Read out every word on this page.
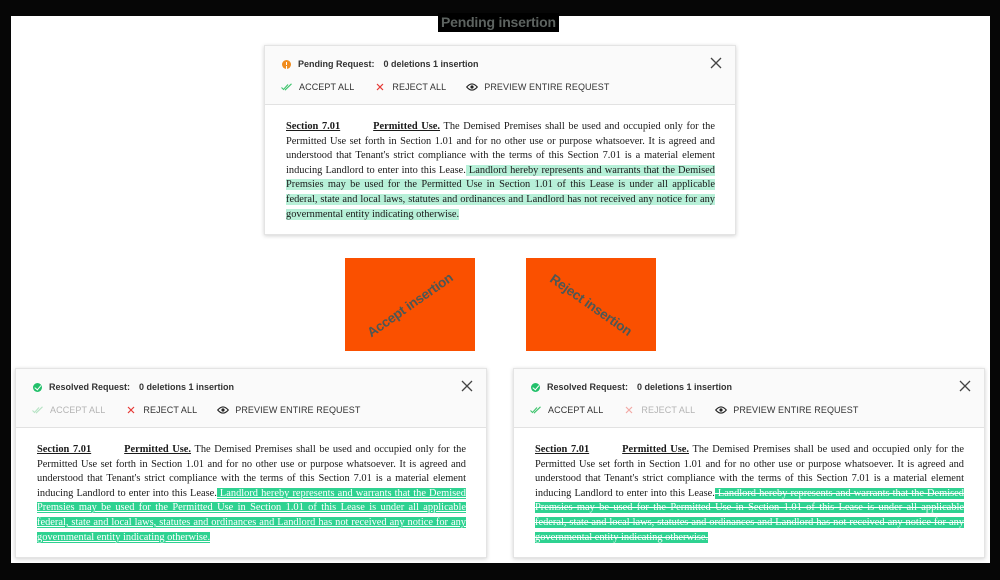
Pending insertion
Pending Request: 0 deletions 1 insertion
ACCEPT ALL	REJECT ALL	PREVIEW ENTIRE REQUEST
Section 7.01	Permitted Use. The Demised Premises shall be used and occupied only for the Permitted Use set forth in Section 1.01 and for no other use or purpose whatsoever. It is agreed and understood that Tenant's strict compliance with the terms of this Section 7.01 is a material element inducing Landlord to enter into this Lease. Landlord hereby represents and warrants that the Demised Premsies may be used for the Permitted Use in Section 1.01 of this Lease is under all applicable federal, state and local laws, statutes and ordinances and Landlord has not received any notice for any governmental entity indicating otherwise.
Accept insertion	Reject insertion
Resolved Request: 0 deletions 1 insertion
ACCEPT ALL	REJECT ALL	PREVIEW ENTIRE REQUEST
Section 7.01	Permitted Use. The Demised Premises shall be used and occupied only for the Permitted Use set forth in Section 1.01 and for no other use or purpose whatsoever. It is agreed and understood that Tenant's strict compliance with the terms of this Section 7.01 is a material element inducing Landlord to enter into this Lease. Landlord hereby represents and warrants that the Demised Premsies may be used for the Permitted Use in Section 1.01 of this Lease is under all applicable federal, state and local laws, statutes and ordinances and Landlord has not received any notice for any governmental entity indicating otherwise.
Resolved Request: 0 deletions 1 insertion
ACCEPT ALL	REJECT ALL	PREVIEW ENTIRE REQUEST
Section 7.01	Permitted Use. The Demised Premises shall be used and occupied only for the Permitted Use set forth in Section 1.01 and for no other use or purpose whatsoever. It is agreed and understood that Tenant's strict compliance with the terms of this Section 7.01 is a material element inducing Landlord to enter into this Lease. Landlord hereby represents and warrants that the Demised Premsies may be used for the Permitted Use in Section 1.01 of this Lease is under all applicable federal, state and local laws, statutes and ordinances and Landlord has not received any notice for any governmental entity indicating otherwise.
